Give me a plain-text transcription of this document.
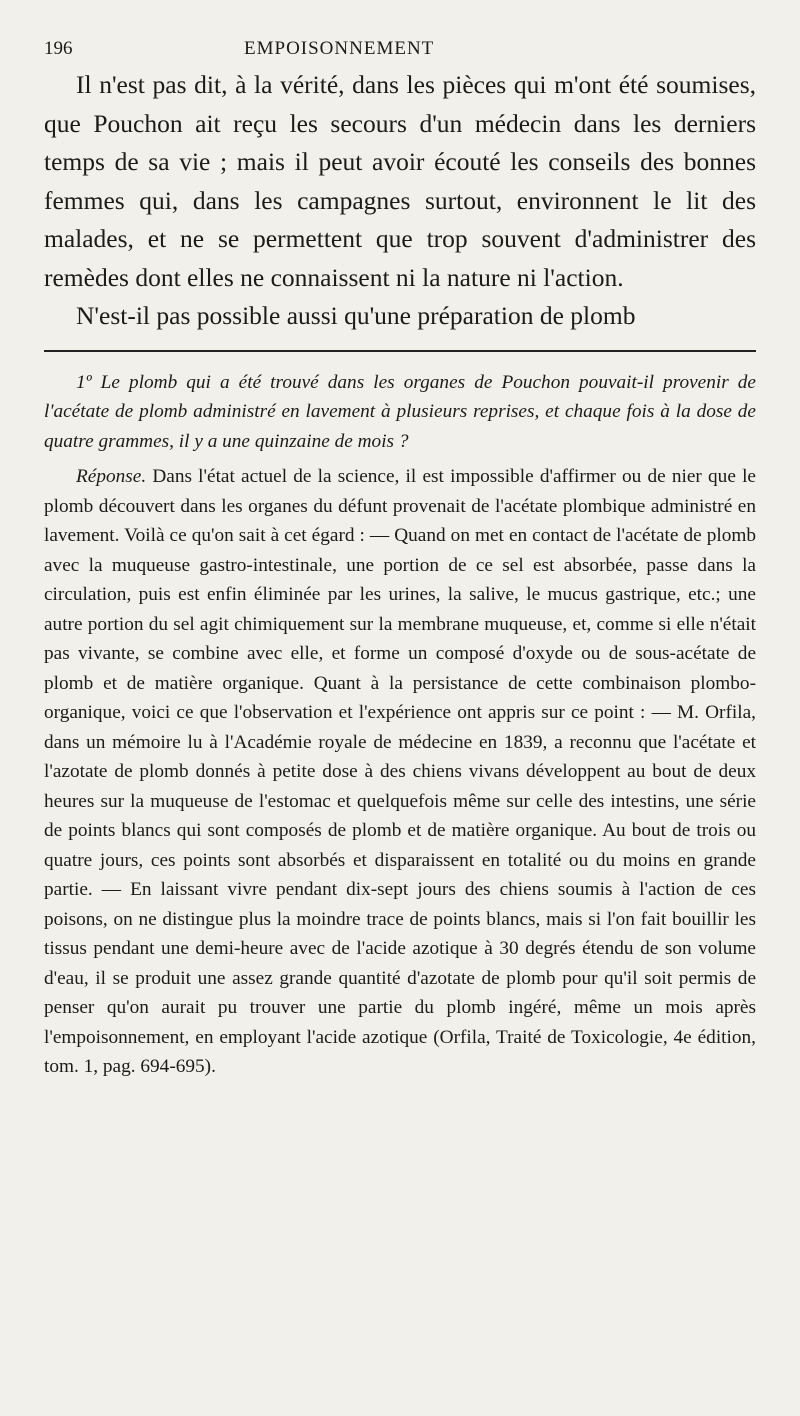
196	EMPOISONNEMENT

Il n'est pas dit, à la vérité, dans les pièces qui m'ont été soumises, que Pouchon ait reçu les secours d'un médecin dans les derniers temps de sa vie ; mais il peut avoir écouté les conseils des bonnes femmes qui, dans les campagnes surtout, environnent le lit des malades, et ne se permettent que trop souvent d'administrer des remèdes dont elles ne connaissent ni la nature ni l'action.

N'est-il pas possible aussi qu'une préparation de plomb

1º Le plomb qui a été trouvé dans les organes de Pouchon pouvait-il provenir de l'acétate de plomb administré en lavement à plusieurs reprises, et chaque fois à la dose de quatre grammes, il y a une quinzaine de mois ?

Réponse. Dans l'état actuel de la science, il est impossible d'affirmer ou de nier que le plomb découvert dans les organes du défunt provenait de l'acétate plombique administré en lavement. Voilà ce qu'on sait à cet égard : — Quand on met en contact de l'acétate de plomb avec la muqueuse gastro-intestinale, une portion de ce sel est absorbée, passe dans la circulation, puis est enfin éliminée par les urines, la salive, le mucus gastrique, etc.; une autre portion du sel agit chimiquement sur la membrane muqueuse, et, comme si elle n'était pas vivante, se combine avec elle, et forme un composé d'oxyde ou de sous-acétate de plomb et de matière organique. Quant à la persistance de cette combinaison plombo-organique, voici ce que l'observation et l'expérience ont appris sur ce point : — M. Orfila, dans un mémoire lu à l'Académie royale de médecine en 1839, a reconnu que l'acétate et l'azotate de plomb donnés à petite dose à des chiens vivans développent au bout de deux heures sur la muqueuse de l'estomac et quelquefois même sur celle des intestins, une série de points blancs qui sont composés de plomb et de matière organique. Au bout de trois ou quatre jours, ces points sont absorbés et disparaissent en totalité ou du moins en grande partie. — En laissant vivre pendant dix-sept jours des chiens soumis à l'action de ces poisons, on ne distingue plus la moindre trace de points blancs, mais si l'on fait bouillir les tissus pendant une demi-heure avec de l'acide azotique à 30 degrés étendu de son volume d'eau, il se produit une assez grande quantité d'azotate de plomb pour qu'il soit permis de penser qu'on aurait pu trouver une partie du plomb ingéré, même un mois après l'empoisonnement, en employant l'acide azotique (Orfila, Traité de Toxicologie, 4e édition, tom. 1, pag. 694-695).
